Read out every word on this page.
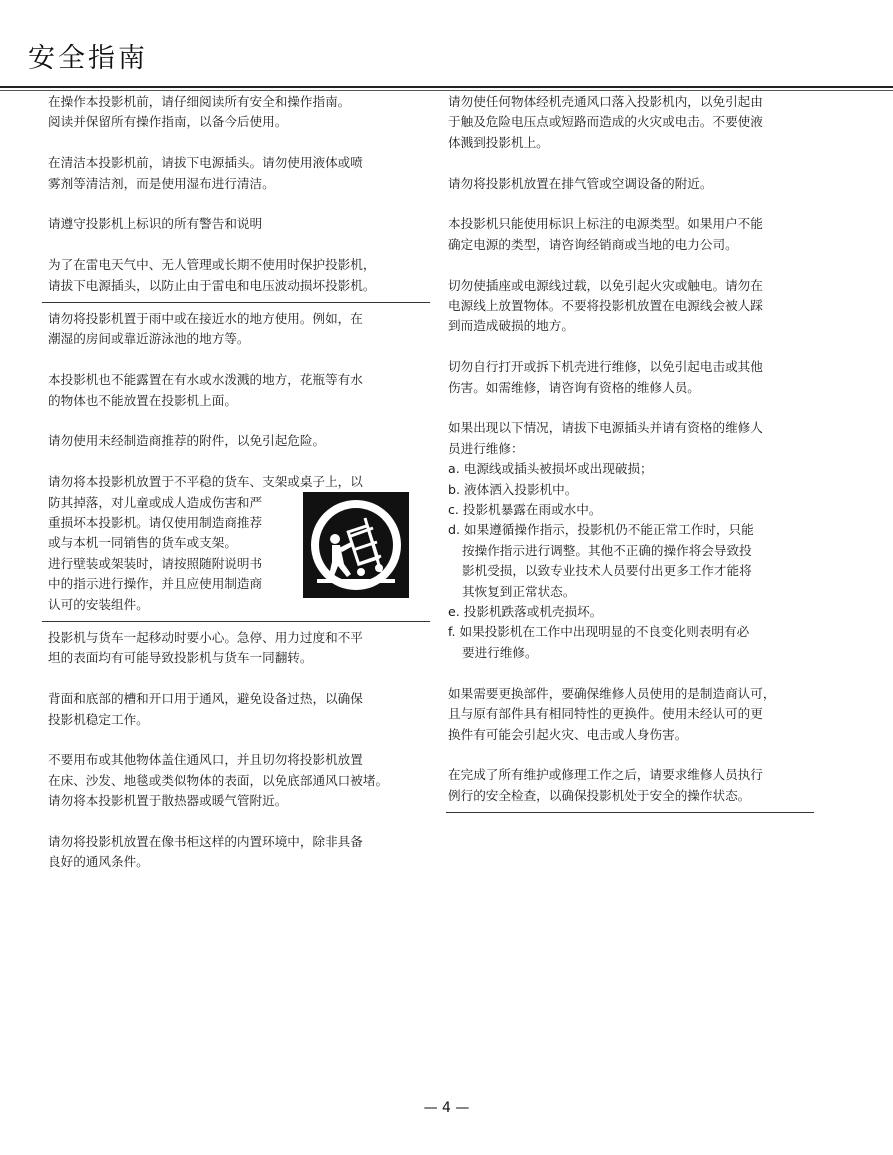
安全指南

在操作本投影机前，请仔细阅读所有安全和操作指南。

阅读并保留所有操作指南，以备今后使用。

在清洁本投影机前，请拔下电源插头。请勿使用液体或喷

雾剂等清洁剂，而是使用湿布进行清洁。

请遵守投影机上标识的所有警告和说明

为了在雷电天气中、无人管理或长期不使用时保护投影机，

请拔下电源插头，以防止由于雷电和电压波动损坏投影机。

请勿将投影机置于雨中或在接近水的地方使用。例如，在

潮湿的房间或靠近游泳池的地方等。

本投影机也不能露置在有水或水泼溅的地方，花瓶等有水

的物体也不能放置在投影机上面。

请勿使用未经制造商推荐的附件，以免引起危险。

请勿将本投影机放置于不平稳的货车、支架或桌子上，以

防其掉落，对儿童或成人造成伤害和严

重损坏本投影机。请仅使用制造商推荐

或与本机一同销售的货车或支架。

进行壁装或架装时，请按照随附说明书

中的指示进行操作，并且应使用制造商

认可的安装组件。

投影机与货车一起移动时要小心。急停、用力过度和不平

坦的表面均有可能导致投影机与货车一同翻转。

背面和底部的槽和开口用于通风，避免设备过热，以确保

投影机稳定工作。

不要用布或其他物体盖住通风口，并且切勿将投影机放置

在床、沙发、地毯或类似物体的表面，以免底部通风口被堵。

请勿将本投影机置于散热器或暖气管附近。

请勿将投影机放置在像书柜这样的内置环境中，除非具备

良好的通风条件。

请勿使任何物体经机壳通风口落入投影机内，以免引起由

于触及危险电压点或短路而造成的火灾或电击。不要使液

体溅到投影机上。

请勿将投影机放置在排气管或空调设备的附近。

本投影机只能使用标识上标注的电源类型。如果用户不能

确定电源的类型，请咨询经销商或当地的电力公司。

切勿使插座或电源线过载，以免引起火灾或触电。请勿在

电源线上放置物体。不要将投影机放置在电源线会被人踩

到而造成破损的地方。

切勿自行打开或拆下机壳进行维修，以免引起电击或其他

伤害。如需维修，请咨询有资格的维修人员。

如果出现以下情况，请拔下电源插头并请有资格的维修人

员进行维修：

a. 电源线或插头被损坏或出现破损；

b. 液体洒入投影机中。

c. 投影机暴露在雨或水中。

d. 如果遵循操作指示，投影机仍不能正常工作时，只能

按操作指示进行调整。其他不正确的操作将会导致投

影机受损，以致专业技术人员要付出更多工作才能将

其恢复到正常状态。

e. 投影机跌落或机壳损坏。

f. 如果投影机在工作中出现明显的不良变化则表明有必

要进行维修。

如果需要更换部件，要确保维修人员使用的是制造商认可，

且与原有部件具有相同特性的更换件。使用未经认可的更

换件有可能会引起火灾、电击或人身伤害。

在完成了所有维护或修理工作之后，请要求维修人员执行

例行的安全检查，以确保投影机处于安全的操作状态。

— 4 —
